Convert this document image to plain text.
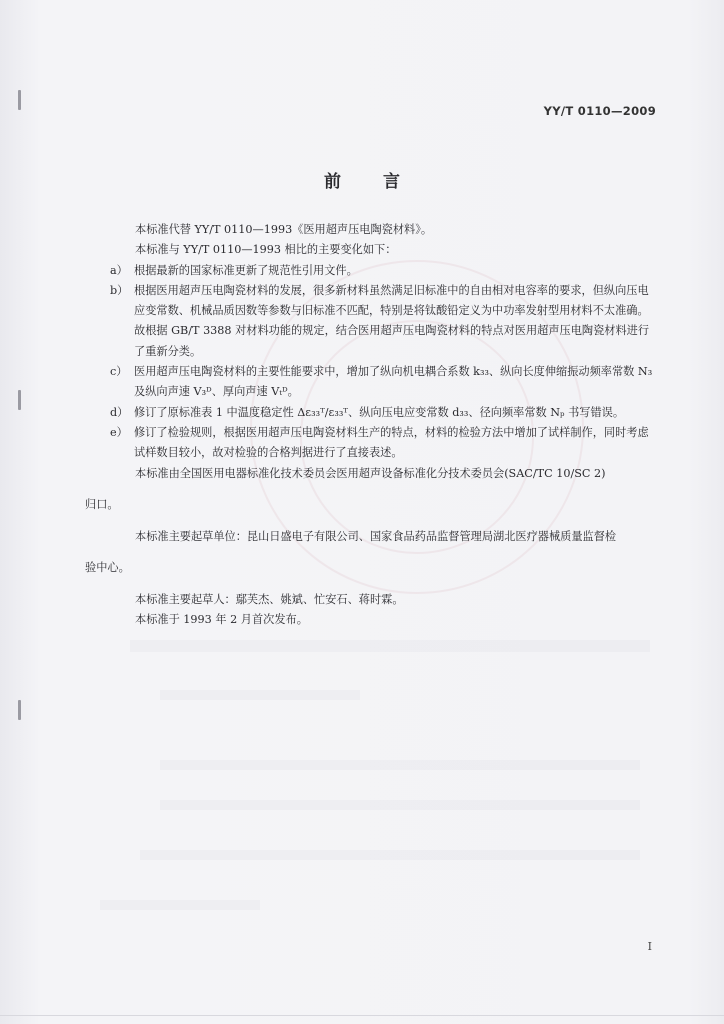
YY/T 0110—2009
前 言

本标准代替 YY/T 0110—1993《医用超声压电陶瓷材料》。

本标准与 YY/T 0110—1993 相比的主要变化如下：

a） 根据最新的国家标准更新了规范性引用文件。
b） 根据医用超声压电陶瓷材料的发展，很多新材料虽然满足旧标准中的自由相对电容率的要求，但纵向压电应变常数、机械品质因数等参数与旧标准不匹配，特别是将钛酸铅定义为中功率发射型用材料不太准确。故根据 GB/T 3388 对材料功能的规定，结合医用超声压电陶瓷材料的特点对医用超声压电陶瓷材料进行了重新分类。
c） 医用超声压电陶瓷材料的主要性能要求中，增加了纵向机电耦合系数 k₃₃、纵向长度伸缩振动频率常数 N₃ 及纵向声速 V₃ᴰ、厚向声速 Vₜᴰ。
d） 修订了原标准表 1 中温度稳定性 Δε₃₃ᵀ/ε₃₃ᵀ、纵向压电应变常数 d₃₃、径向频率常数 Nₚ 书写错误。
e） 修订了检验规则，根据医用超声压电陶瓷材料生产的特点，材料的检验方法中增加了试样制作，同时考虑试样数目较小，故对检验的合格判据进行了直接表述。

本标准由全国医用电器标准化技术委员会医用超声设备标准化分技术委员会(SAC/TC 10/SC 2)

归口。

本标准主要起草单位：昆山日盛电子有限公司、国家食品药品监督管理局湖北医疗器械质量监督检

验中心。

本标准主要起草人：鄢芙杰、姚斌、忙安石、蒋时霖。

本标准于 1993 年 2 月首次发布。

I
